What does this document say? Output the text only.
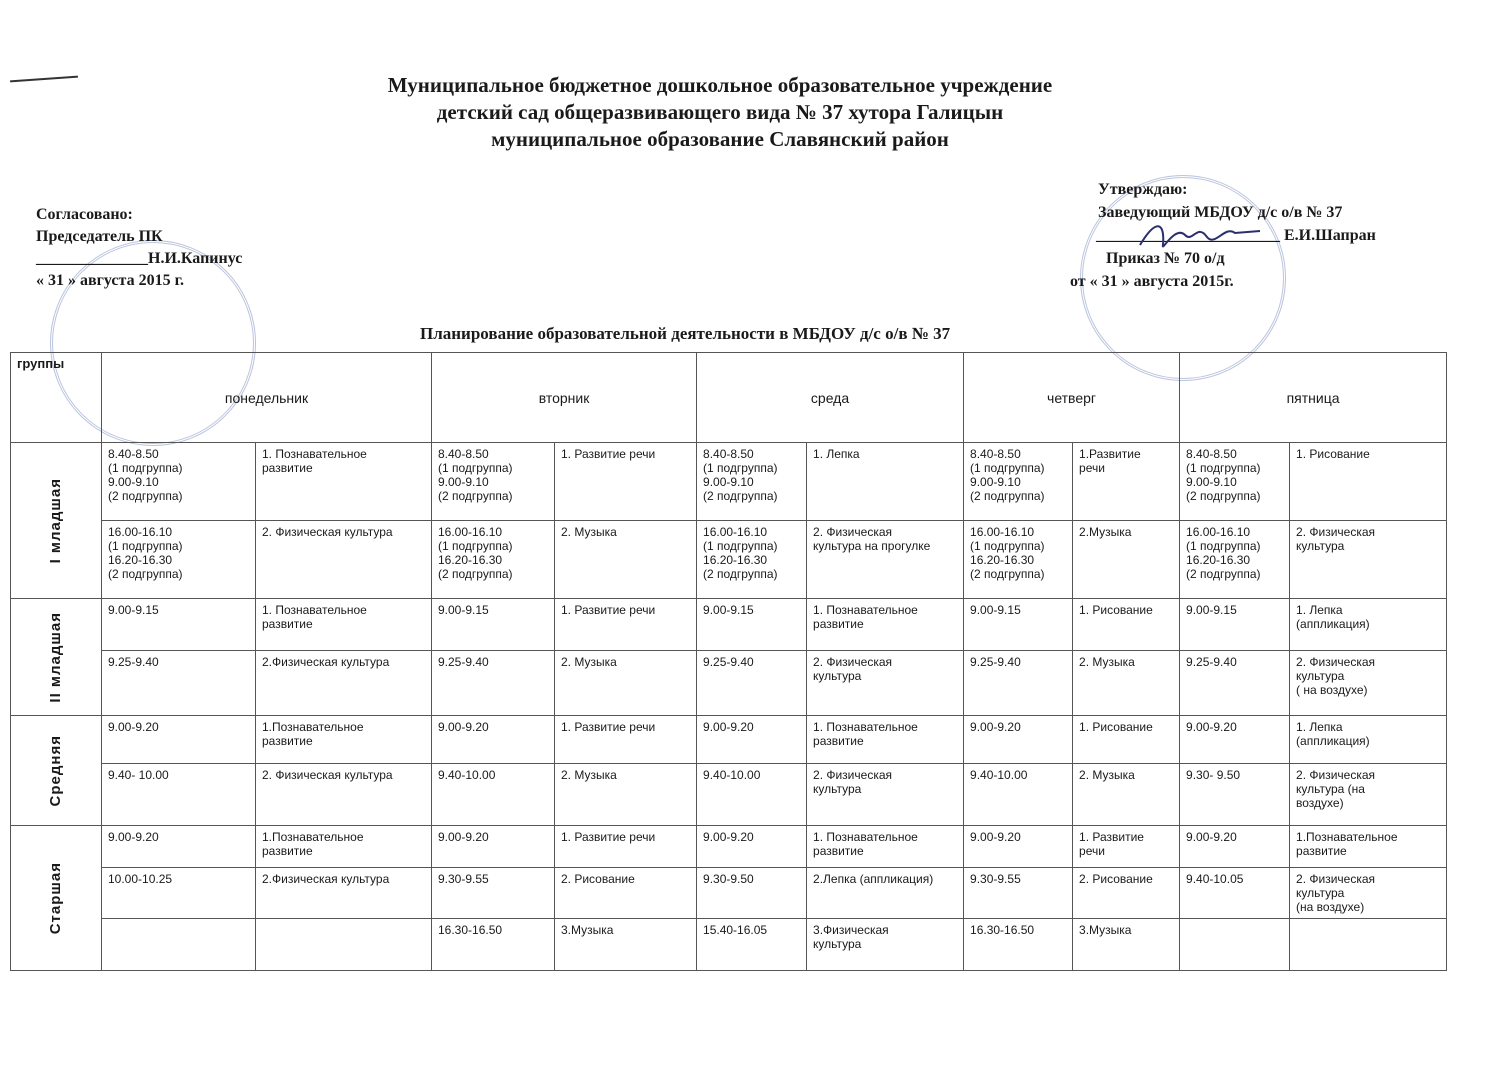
Муниципальное бюджетное дошкольное образовательное учреждение
детский сад общеразвивающего вида № 37 хутора Галицын
муниципальное образование Славянский район
Согласовано:
Председатель ПК
______________Н.И.Капинус
« 31 » августа 2015 г.
Утверждаю:
Заведующий МБДОУ д/с о/в № 37
_______________________ Е.И.Шапран
Приказ № 70 о/д
от « 31 » августа 2015г.
Планирование образовательной деятельности в МБДОУ д/с о/в № 37
группы	понедельник		вторник		среда		четверг		пятница	

I младшая	8.40-8.50
(1 подгруппа)
9.00-9.10
(2 подгруппа)	1. Познавательное
развитие	8.40-8.50
(1 подгруппа)
9.00-9.10
(2 подгруппа)	1. Развитие речи	8.40-8.50
(1 подгруппа)
9.00-9.10
(2 подгруппа)	1. Лепка	8.40-8.50
(1 подгруппа)
9.00-9.10
(2 подгруппа)	1.Развитие
речи	8.40-8.50
(1 подгруппа)
9.00-9.10
(2 подгруппа)	1. Рисование
	16.00-16.10
(1 подгруппа)
16.20-16.30
(2 подгруппа)	2. Физическая культура	16.00-16.10
(1 подгруппа)
16.20-16.30
(2 подгруппа)	2. Музыка	16.00-16.10
(1 подгруппа)
16.20-16.30
(2 подгруппа)	2. Физическая
культура на прогулке	16.00-16.10
(1 подгруппа)
16.20-16.30
(2 подгруппа)	2.Музыка	16.00-16.10
(1 подгруппа)
16.20-16.30
(2 подгруппа)	2. Физическая
культура

II младшая	9.00-9.15	1. Познавательное
развитие	9.00-9.15	1. Развитие речи	9.00-9.15	1. Познавательное
развитие	9.00-9.15	1. Рисование	9.00-9.15	1. Лепка
(аппликация)
	9.25-9.40	2.Физическая культура	9.25-9.40	2. Музыка	9.25-9.40	2. Физическая
культура	9.25-9.40	2. Музыка	9.25-9.40	2. Физическая
культура
( на воздухе)

Средняя	9.00-9.20	1.Познавательное
развитие	9.00-9.20	1. Развитие речи	9.00-9.20	1. Познавательное
развитие	9.00-9.20	1. Рисование	9.00-9.20	1. Лепка
(аппликация)
	9.40- 10.00	2. Физическая культура	9.40-10.00	2. Музыка	9.40-10.00	2. Физическая
культура	9.40-10.00	2. Музыка	9.30- 9.50	2. Физическая
культура (на
воздухе)

Старшая	9.00-9.20	1.Познавательное
развитие	9.00-9.20	1. Развитие речи	9.00-9.20	1. Познавательное
развитие	9.00-9.20	1. Развитие
речи	9.00-9.20	1.Познавательное
развитие
	10.00-10.25	2.Физическая культура	9.30-9.55	2. Рисование	9.30-9.50	2.Лепка (аппликация)	9.30-9.55	2. Рисование	9.40-10.05	2. Физическая
культура
(на воздухе)
			16.30-16.50	3.Музыка	15.40-16.05	3.Физическая
культура	16.30-16.50	3.Музыка		
